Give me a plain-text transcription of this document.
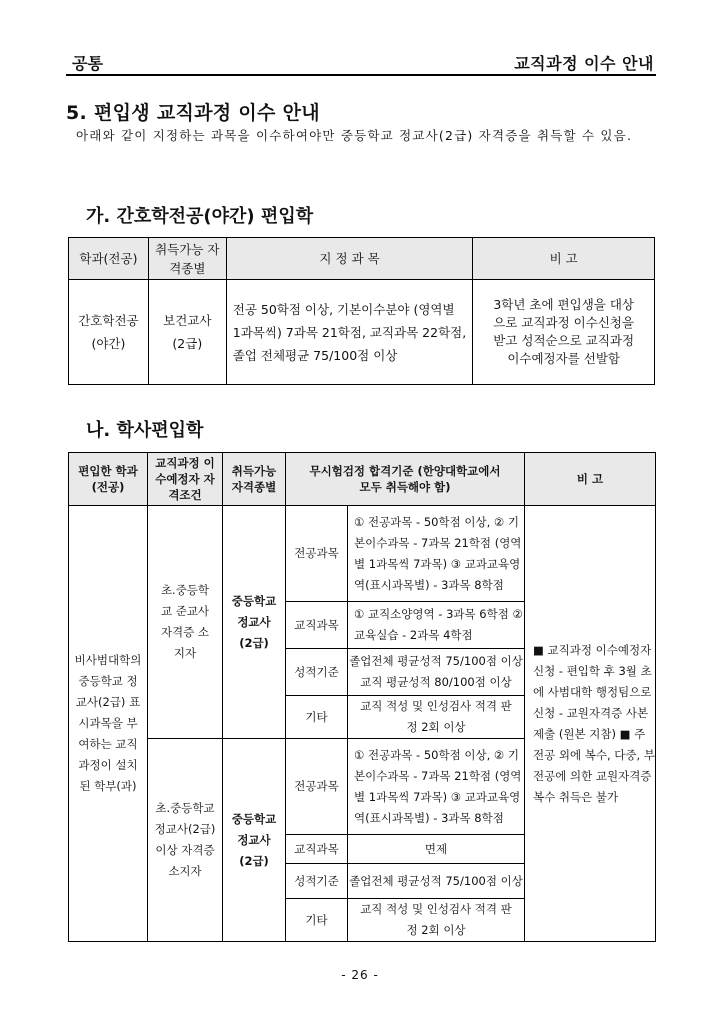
공통	교직과정 이수 안내
5. 편입생 교직과정 이수 안내
아래와 같이 지정하는 과목을 이수하여야만 중등학교 정교사(2급) 자격증을 취득할 수 있음.
가. 간호학전공(야간) 편입학
학과(전공)	취득가능 자격종별	지 정 과 목	비 고
간호학전공 (야간)	보건교사 (2급)	전공 50학점 이상, 기본이수분야 (영역별 1과목씩) 7과목 21학점, 교직과목 22학점, 졸업 전체평균 75/100점 이상	3학년 초에 편입생을 대상으로 교직과정 이수신청을 받고 성적순으로 교직과정 이수예정자를 선발함
나. 학사편입학
편입한 학과(전공)	교직과정 이수예정자 자격조건	취득가능 자격종별	무시험검정 합격기준 (한양대학교에서 모두 취득해야 함)		비 고
비사범대학의 중등학교 정교사(2급) 표시과목을 부여하는 교직과정이 설치된 학부(과)	초.중등학교 준교사 자격증 소지자	중등학교 정교사 (2급)	전공과목	① 전공과목 - 50학점 이상, ② 기본이수과목 - 7과목 21학점 (영역별 1과목씩 7과목) ③ 교과교육영역(표시과목별) - 3과목 8학점	■ 교직과정 이수예정자 신청 - 편입학 후 3월 초에 사범대학 행정팀으로 신청 - 교원자격증 사본 제출 (원본 지참) ■ 주전공 외에 복수, 다중, 부전공에 의한 교원자격증 복수 취득은 불가
			교직과목	① 교직소양영역 - 3과목 6학점 ② 교육실습 - 2과목 4학점	
			성적기준	졸업전체 평균성적 75/100점 이상 교직 평균성적 80/100점 이상	
			기타	교직 적성 및 인성검사 적격 판정 2회 이상	
	초.중등학교 정교사(2급) 이상 자격증 소지자	중등학교 정교사 (2급)	전공과목	① 전공과목 - 50학점 이상, ② 기본이수과목 - 7과목 21학점 (영역별 1과목씩 7과목) ③ 교과교육영역(표시과목별) - 3과목 8학점	
			교직과목	면제	
			성적기준	졸업전체 평균성적 75/100점 이상	
			기타	교직 적성 및 인성검사 적격 판정 2회 이상	
- 26 -
